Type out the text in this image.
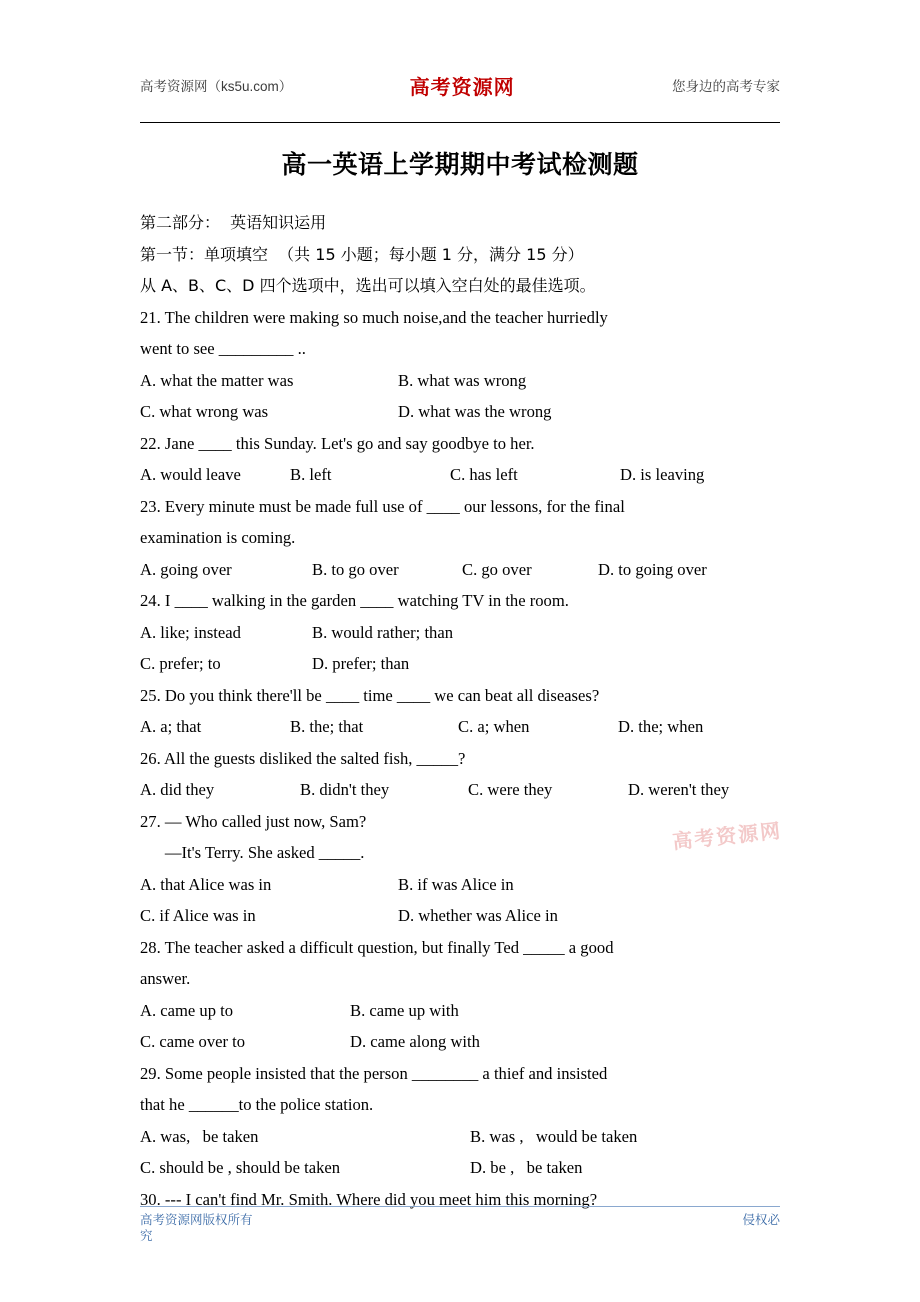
高考资源网（ks5u.com）	高考资源网	您身边的高考专家
高一英语上学期期中考试检测题
第二部分：  英语知识运用
第一节：单项填空  （共 15 小题；每小题 1 分，满分 15 分）
从 A、B、C、D 四个选项中，选出可以填入空白处的最佳选项。
21. The children were making so much noise,and the teacher hurriedly
went to see _________ ..
A. what the matter was	B. what was wrong
C. what wrong was	D. what was the wrong
22. Jane ____ this Sunday. Let's go and say goodbye to her.
A. would leave	B. left	C. has left	D. is leaving
23. Every minute must be made full use of ____ our lessons, for the final
examination is coming.
A. going over	B. to go over	C. go over	D. to going over
24. I ____ walking in the garden ____ watching TV in the room.
A. like; instead	B. would rather; than
C. prefer; to	D. prefer; than
25. Do you think there'll be ____ time ____ we can beat all diseases?
A. a; that	B. the; that	C. a; when	D. the; when
26. All the guests disliked the salted fish, _____?
A. did they	B. didn't they	C. were they	D. weren't they
27. — Who called just now, Sam?
—It's Terry. She asked _____.
A. that Alice was in	B. if was Alice in
C. if Alice was in	D. whether was Alice in
28. The teacher asked a difficult question, but finally Ted _____ a good
answer.
A. came up to	B. came up with
C. came over to	D. came along with
29. Some people insisted that the person ________ a thief and insisted
that he ______to the police station.
A. was,   be taken	B. was ,   would be taken
C. should be , should be taken	D. be ,   be taken
30. --- I can't find Mr. Smith. Where did you meet him this morning?
高考资源网
高考资源网版权所有
究
侵权必
